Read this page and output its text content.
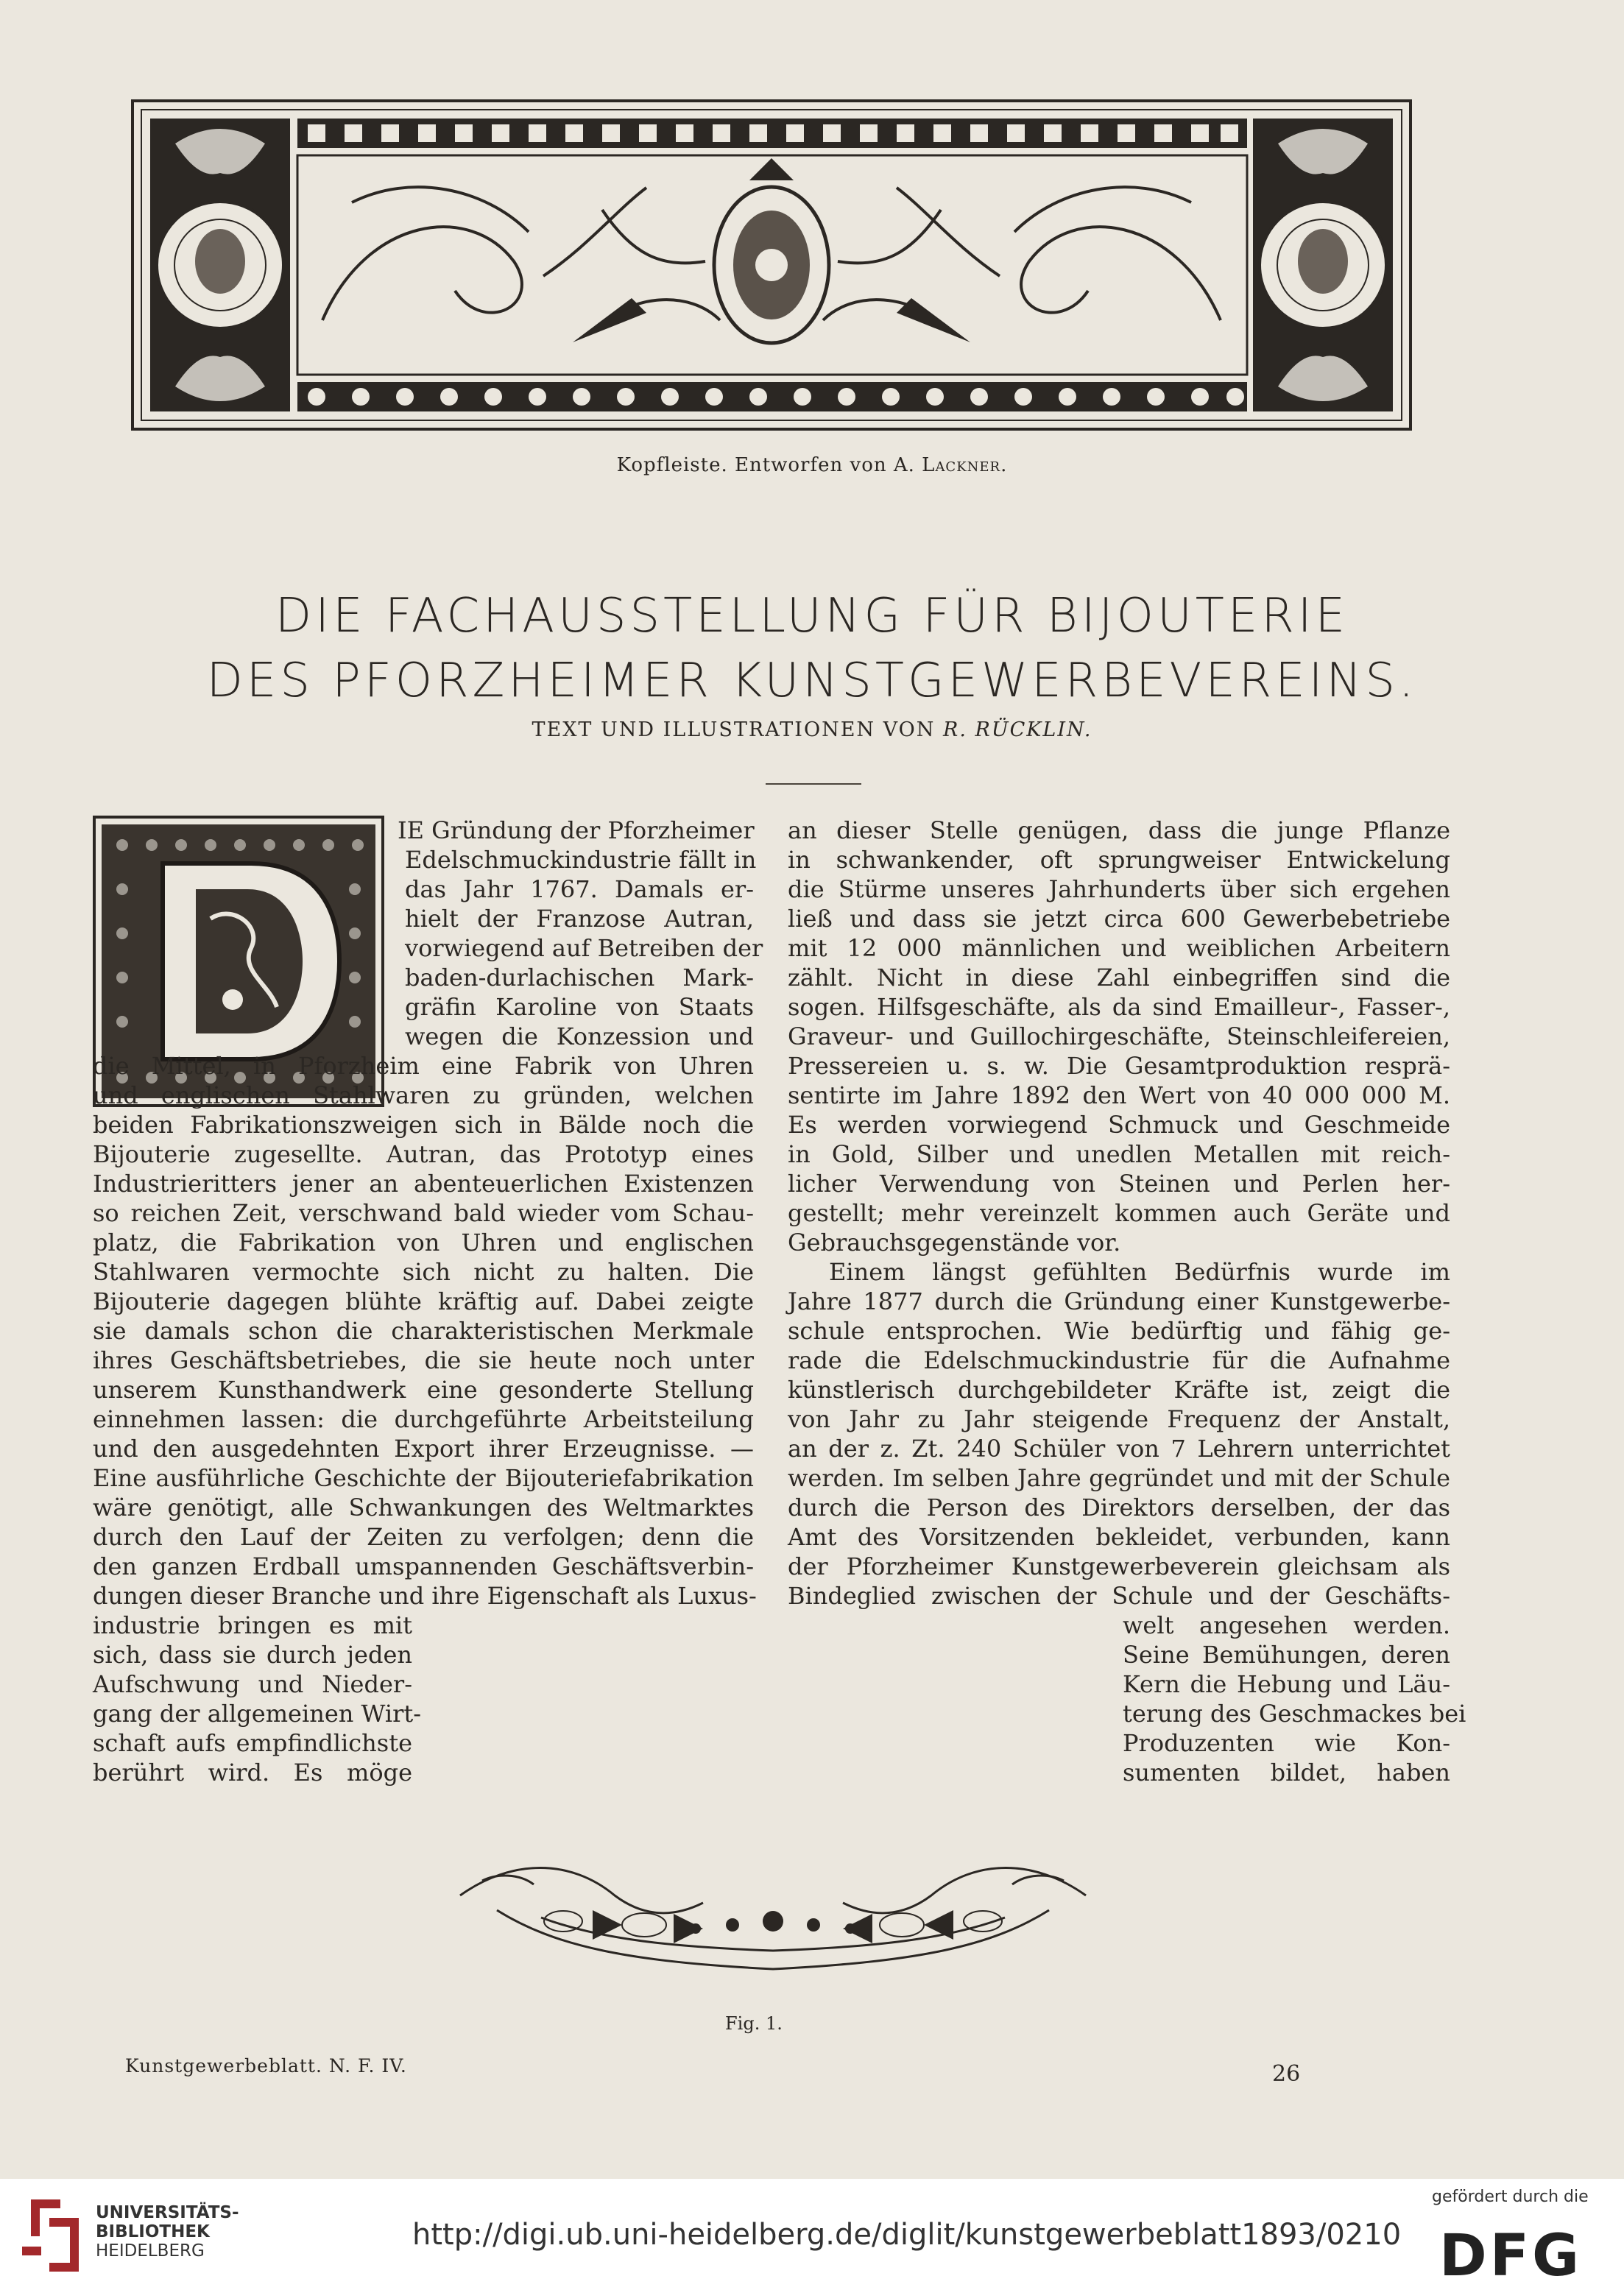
Kopfleiste. Entworfen von A. Lackner.
DIE FACHAUSSTELLUNG FÜR BIJOUTERIE
DES PFORZHEIMER KUNSTGEWERBEVEREINS.
TEXT UND ILLUSTRATIONEN VON R. RÜCKLIN.
IE Gründung der Pforzheimer
Edelschmuckindustrie fällt in
das Jahr 1767. Damals er-
hielt der Franzose Autran,
vorwiegend auf Betreiben der
baden-durlachischen Mark-
gräfin Karoline von Staats
wegen die Konzession und
die Mittel, in Pforzheim eine Fabrik von Uhren
und englischen Stahlwaren zu gründen, welchen
beiden Fabrikationszweigen sich in Bälde noch die
Bijouterie zugesellte. Autran, das Prototyp eines
Industrieritters jener an abenteuerlichen Existenzen
so reichen Zeit, verschwand bald wieder vom Schau-
platz, die Fabrikation von Uhren und englischen
Stahlwaren vermochte sich nicht zu halten. Die
Bijouterie dagegen blühte kräftig auf. Dabei zeigte
sie damals schon die charakteristischen Merkmale
ihres Geschäftsbetriebes, die sie heute noch unter
unserem Kunsthandwerk eine gesonderte Stellung
einnehmen lassen: die durchgeführte Arbeitsteilung
und den ausgedehnten Export ihrer Erzeugnisse. —
Eine ausführliche Geschichte der Bijouteriefabrikation
wäre genötigt, alle Schwankungen des Weltmarktes
durch den Lauf der Zeiten zu verfolgen; denn die
den ganzen Erdball umspannenden Geschäftsverbin-
dungen dieser Branche und ihre Eigenschaft als Luxus-
industrie bringen es mit
sich, dass sie durch jeden
Aufschwung und Nieder-
gang der allgemeinen Wirt-
schaft aufs empfindlichste
berührt wird. Es möge
an dieser Stelle genügen, dass die junge Pflanze
in schwankender, oft sprungweiser Entwickelung
die Stürme unseres Jahrhunderts über sich ergehen
ließ und dass sie jetzt circa 600 Gewerbebetriebe
mit 12 000 männlichen und weiblichen Arbeitern
zählt. Nicht in diese Zahl einbegriffen sind die
sogen. Hilfsgeschäfte, als da sind Emailleur-, Fasser-,
Graveur- und Guillochirgeschäfte, Steinschleifereien,
Pressereien u. s. w. Die Gesamtproduktion resprä-
sentirte im Jahre 1892 den Wert von 40 000 000 M.
Es werden vorwiegend Schmuck und Geschmeide
in Gold, Silber und unedlen Metallen mit reich-
licher Verwendung von Steinen und Perlen her-
gestellt; mehr vereinzelt kommen auch Geräte und
Gebrauchsgegenstände vor.
Einem längst gefühlten Bedürfnis wurde im
Jahre 1877 durch die Gründung einer Kunstgewerbe-
schule entsprochen. Wie bedürftig und fähig ge-
rade die Edelschmuckindustrie für die Aufnahme
künstlerisch durchgebildeter Kräfte ist, zeigt die
von Jahr zu Jahr steigende Frequenz der Anstalt,
an der z. Zt. 240 Schüler von 7 Lehrern unterrichtet
werden. Im selben Jahre gegründet und mit der Schule
durch die Person des Direktors derselben, der das
Amt des Vorsitzenden bekleidet, verbunden, kann
der Pforzheimer Kunstgewerbeverein gleichsam als
Bindeglied zwischen der Schule und der Geschäfts-
welt angesehen werden.
Seine Bemühungen, deren
Kern die Hebung und Läu-
terung des Geschmackes bei
Produzenten wie Kon-
sumenten bildet, haben
Fig. 1.
Kunstgewerbeblatt. N. F. IV.	26
UNIVERSITÄTS-
BIBLIOTHEK
HEIDELBERG	http://digi.ub.uni-heidelberg.de/diglit/kunstgewerbeblatt1893/0210
gefördert durch die
DFG
